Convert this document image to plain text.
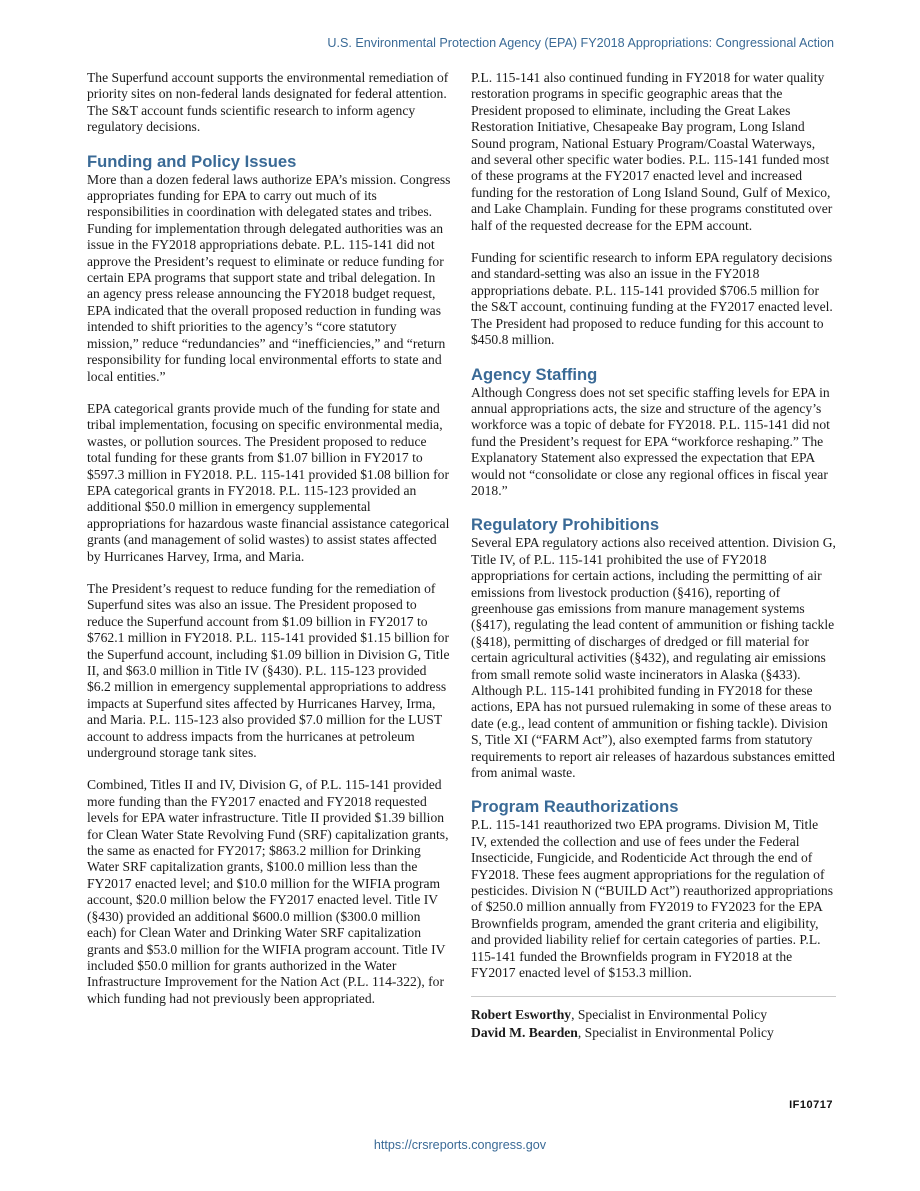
U.S. Environmental Protection Agency (EPA) FY2018 Appropriations: Congressional Action

The Superfund account supports the environmental remediation of priority sites on non-federal lands designated for federal attention. The S&T account funds scientific research to inform agency regulatory decisions.

Funding and Policy Issues

More than a dozen federal laws authorize EPA’s mission. Congress appropriates funding for EPA to carry out much of its responsibilities in coordination with delegated states and tribes. Funding for implementation through delegated authorities was an issue in the FY2018 appropriations debate. P.L. 115-141 did not approve the President’s request to eliminate or reduce funding for certain EPA programs that support state and tribal delegation. In an agency press release announcing the FY2018 budget request, EPA indicated that the overall proposed reduction in funding was intended to shift priorities to the agency’s “core statutory mission,” reduce “redundancies” and “inefficiencies,” and “return responsibility for funding local environmental efforts to state and local entities.”

EPA categorical grants provide much of the funding for state and tribal implementation, focusing on specific environmental media, wastes, or pollution sources. The President proposed to reduce total funding for these grants from $1.07 billion in FY2017 to $597.3 million in FY2018. P.L. 115-141 provided $1.08 billion for EPA categorical grants in FY2018. P.L. 115-123 provided an additional $50.0 million in emergency supplemental appropriations for hazardous waste financial assistance categorical grants (and management of solid wastes) to assist states affected by Hurricanes Harvey, Irma, and Maria.

The President’s request to reduce funding for the remediation of Superfund sites was also an issue. The President proposed to reduce the Superfund account from $1.09 billion in FY2017 to $762.1 million in FY2018. P.L. 115-141 provided $1.15 billion for the Superfund account, including $1.09 billion in Division G, Title II, and $63.0 million in Title IV (§430). P.L. 115-123 provided $6.2 million in emergency supplemental appropriations to address impacts at Superfund sites affected by Hurricanes Harvey, Irma, and Maria. P.L. 115-123 also provided $7.0 million for the LUST account to address impacts from the hurricanes at petroleum underground storage tank sites.

Combined, Titles II and IV, Division G, of P.L. 115-141 provided more funding than the FY2017 enacted and FY2018 requested levels for EPA water infrastructure. Title II provided $1.39 billion for Clean Water State Revolving Fund (SRF) capitalization grants, the same as enacted for FY2017; $863.2 million for Drinking Water SRF capitalization grants, $100.0 million less than the FY2017 enacted level; and $10.0 million for the WIFIA program account, $20.0 million below the FY2017 enacted level. Title IV (§430) provided an additional $600.0 million ($300.0 million each) for Clean Water and Drinking Water SRF capitalization grants and $53.0 million for the WIFIA program account. Title IV included $50.0 million for grants authorized in the Water Infrastructure Improvement for the Nation Act (P.L. 114-322), for which funding had not previously been appropriated.

P.L. 115-141 also continued funding in FY2018 for water quality restoration programs in specific geographic areas that the President proposed to eliminate, including the Great Lakes Restoration Initiative, Chesapeake Bay program, Long Island Sound program, National Estuary Program/Coastal Waterways, and several other specific water bodies. P.L. 115-141 funded most of these programs at the FY2017 enacted level and increased funding for the restoration of Long Island Sound, Gulf of Mexico, and Lake Champlain. Funding for these programs constituted over half of the requested decrease for the EPM account.

Funding for scientific research to inform EPA regulatory decisions and standard-setting was also an issue in the FY2018 appropriations debate. P.L. 115-141 provided $706.5 million for the S&T account, continuing funding at the FY2017 enacted level. The President had proposed to reduce funding for this account to $450.8 million.

Agency Staffing

Although Congress does not set specific staffing levels for EPA in annual appropriations acts, the size and structure of the agency’s workforce was a topic of debate for FY2018. P.L. 115-141 did not fund the President’s request for EPA “workforce reshaping.” The Explanatory Statement also expressed the expectation that EPA would not “consolidate or close any regional offices in fiscal year 2018.”

Regulatory Prohibitions

Several EPA regulatory actions also received attention. Division G, Title IV, of P.L. 115-141 prohibited the use of FY2018 appropriations for certain actions, including the permitting of air emissions from livestock production (§416), reporting of greenhouse gas emissions from manure management systems (§417), regulating the lead content of ammunition or fishing tackle (§418), permitting of discharges of dredged or fill material for certain agricultural activities (§432), and regulating air emissions from small remote solid waste incinerators in Alaska (§433). Although P.L. 115-141 prohibited funding in FY2018 for these actions, EPA has not pursued rulemaking in some of these areas to date (e.g., lead content of ammunition or fishing tackle). Division S, Title XI (“FARM Act”), also exempted farms from statutory requirements to report air releases of hazardous substances emitted from animal waste.

Program Reauthorizations

P.L. 115-141 reauthorized two EPA programs. Division M, Title IV, extended the collection and use of fees under the Federal Insecticide, Fungicide, and Rodenticide Act through the end of FY2018. These fees augment appropriations for the regulation of pesticides. Division N (“BUILD Act”) reauthorized appropriations of $250.0 million annually from FY2019 to FY2023 for the EPA Brownfields program, amended the grant criteria and eligibility, and provided liability relief for certain categories of parties. P.L. 115-141 funded the Brownfields program in FY2018 at the FY2017 enacted level of $153.3 million.

Robert Esworthy, Specialist in Environmental Policy
David M. Bearden, Specialist in Environmental Policy
IF10717
https://crsreports.congress.gov
